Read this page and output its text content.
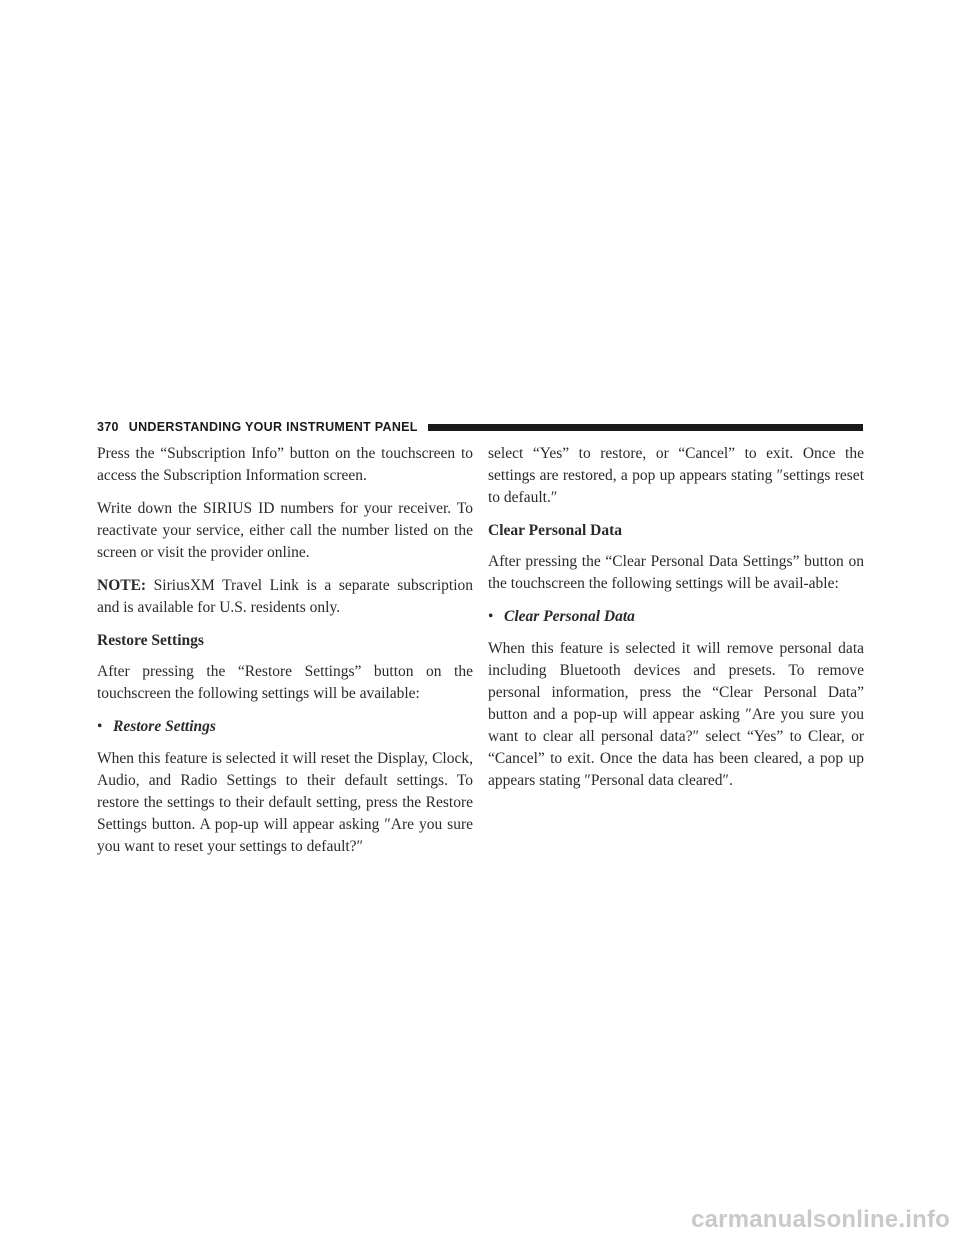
370 UNDERSTANDING YOUR INSTRUMENT PANEL

Press the “Subscription Info” button on the touchscreen to access the Subscription Information screen.

Write down the SIRIUS ID numbers for your receiver. To reactivate your service, either call the number listed on the screen or visit the provider online.

NOTE: SiriusXM Travel Link is a separate subscription and is available for U.S. residents only.

Restore Settings

After pressing the “Restore Settings” button on the touchscreen the following settings will be available:

• Restore Settings

When this feature is selected it will reset the Display, Clock, Audio, and Radio Settings to their default settings. To restore the settings to their default setting, press the Restore Settings button. A pop-up will appear asking ″Are you sure you want to reset your settings to default?″

select “Yes” to restore, or “Cancel” to exit. Once the settings are restored, a pop up appears stating ″settings reset to default.″

Clear Personal Data

After pressing the “Clear Personal Data Settings” button on the touchscreen the following settings will be avail-able:

• Clear Personal Data

When this feature is selected it will remove personal data including Bluetooth devices and presets. To remove personal information, press the “Clear Personal Data” button and a pop-up will appear asking ″Are you sure you want to clear all personal data?″ select “Yes” to Clear, or “Cancel” to exit. Once the data has been cleared, a pop up appears stating ″Personal data cleared″.

carmanualsonline.info
